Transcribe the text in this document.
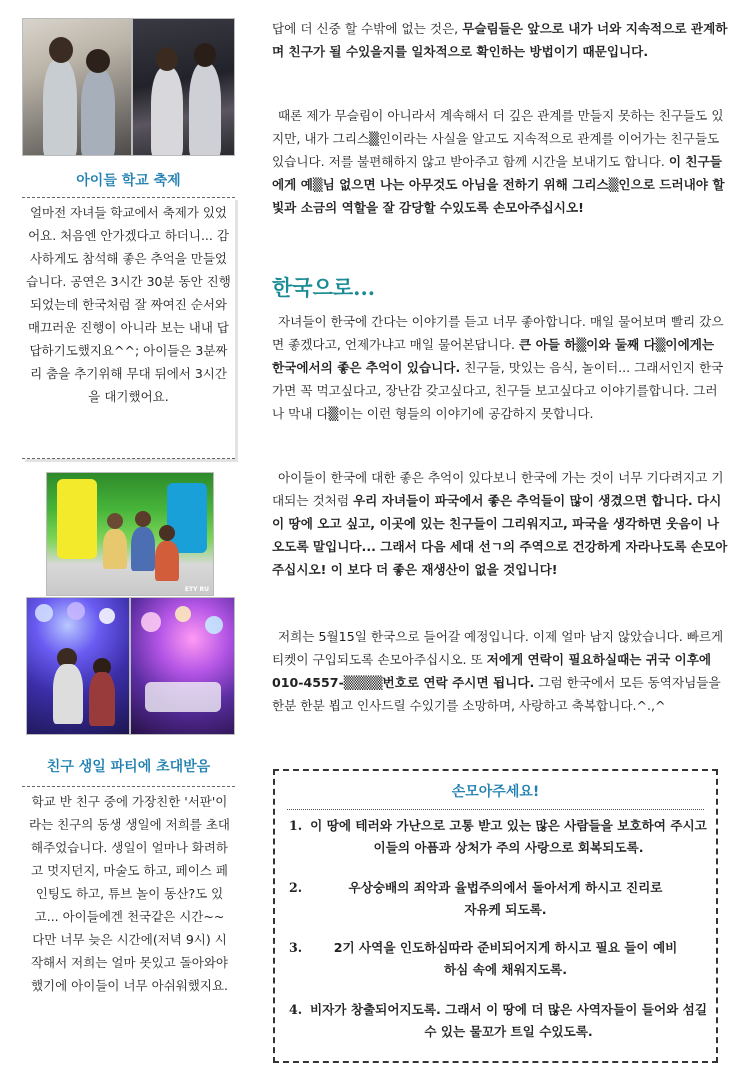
아이들 학교 축제

얼마전 자녀들 학교에서 축제가 있었어요. 처음엔 안가겠다고 하더니... 감사하게도 참석해 좋은 추억을 만들었습니다. 공연은 3시간 30분 동안 진행되었는데 한국처럼 잘 짜여진 순서와 매끄러운 진행이 아니라 보는 내내 답답하기도했지요^^; 아이들은 3분짜리 춤을 추기위해 무대 뒤에서 3시간을 대기했어요.

ETY RU
친구 생일 파티에 초대받음

학교 반 친구 중에 가장친한 '서판'이라는 친구의 동생 생일에 저희를 초대해주었습니다. 생일이 얼마나 화려하고 멋지던지, 마술도 하고, 페이스 페인팅도 하고, 튜브 놀이 동산?도 있고... 아이들에겐 천국같은 시간~~ 다만 너무 늦은 시간에(저녁 9시) 시작해서 저희는 얼마 못있고 돌아와야했기에 아이들이 너무 아쉬워했지요.

답에 더 신중 할 수밖에 없는 것은, 무슬림들은 앞으로 내가 너와 지속적으로 관계하며 친구가 될 수있을지를 일차적으로 확인하는 방법이기 때문입니다.
때론 제가 무슬림이 아니라서 계속해서 더 깊은 관계를 만들지 못하는 친구들도 있지만, 내가 그리스▒인이라는 사실을 알고도 지속적으로 관계를 이어가는 친구들도 있습니다. 저를 불편해하지 않고 받아주고 함께 시간을 보내기도 합니다. 이 친구들에게 예▒님 없으면 나는 아무것도 아님을 전하기 위해 그리스▒인으로 드러내야 할 빛과 소금의 역할을 잘 감당할 수있도록 손모아주십시오!
한국으로...
자녀들이 한국에 간다는 이야기를 듣고 너무 좋아합니다. 매일 물어보며 빨리 갔으면 좋겠다고, 언제가냐고 매일 물어본답니다. 큰 아들 하▒이와 둘째 다▒이에게는 한국에서의 좋은 추억이 있습니다. 친구들, 맛있는 음식, 놀이터... 그래서인지 한국가면 꼭 먹고싶다고, 장난감 갖고싶다고, 친구들 보고싶다고 이야기를합니다. 그러나 막내 다▒이는 이런 형들의 이야기에 공감하지 못합니다.
아이들이 한국에 대한 좋은 추억이 있다보니 한국에 가는 것이 너무 기다려지고 기대되는 것처럼 우리 자녀들이 파국에서 좋은 추억들이 많이 생겼으면 합니다. 다시 이 땅에 오고 싶고, 이곳에 있는 친구들이 그리워지고, 파국을 생각하면 웃음이 나오도록 말입니다... 그래서 다음 세대 선ㄱ의 주역으로 건강하게 자라나도록 손모아주십시오! 이 보다 더 좋은 재생산이 없을 것입니다!
저희는 5월15일 한국으로 들어갈 예정입니다. 이제 얼마 남지 않았습니다. 빠르게 티켓이 구입되도록 손모아주십시오. 또 저에게 연락이 필요하실때는 귀국 이후에 010-4557-▒▒▒▒번호로 연락 주시면 됩니다. 그럼 한국에서 모든 동역자님들을 한분 한분 뵙고 인사드릴 수있기를 소망하며, 사랑하고 축복합니다.^.,^
손모아주세요!
1. 이 땅에 테러와 가난으로 고통 받고 있는 많은 사람들을 보호하여 주시고 이들의 아픔과 상처가 주의 사랑으로 회복되도록.
2.	우상숭배의 죄악과 율법주의에서 돌아서게 하시고 진리로 자유케 되도록.
3.	2기 사역을 인도하심따라 준비되어지게 하시고 필요 들이 예비하심 속에 채워지도록.
4. 비자가 창출되어지도록. 그래서 이 땅에 더 많은 사역자들이 들어와 섬길 수 있는 물꼬가 트일 수있도록.
